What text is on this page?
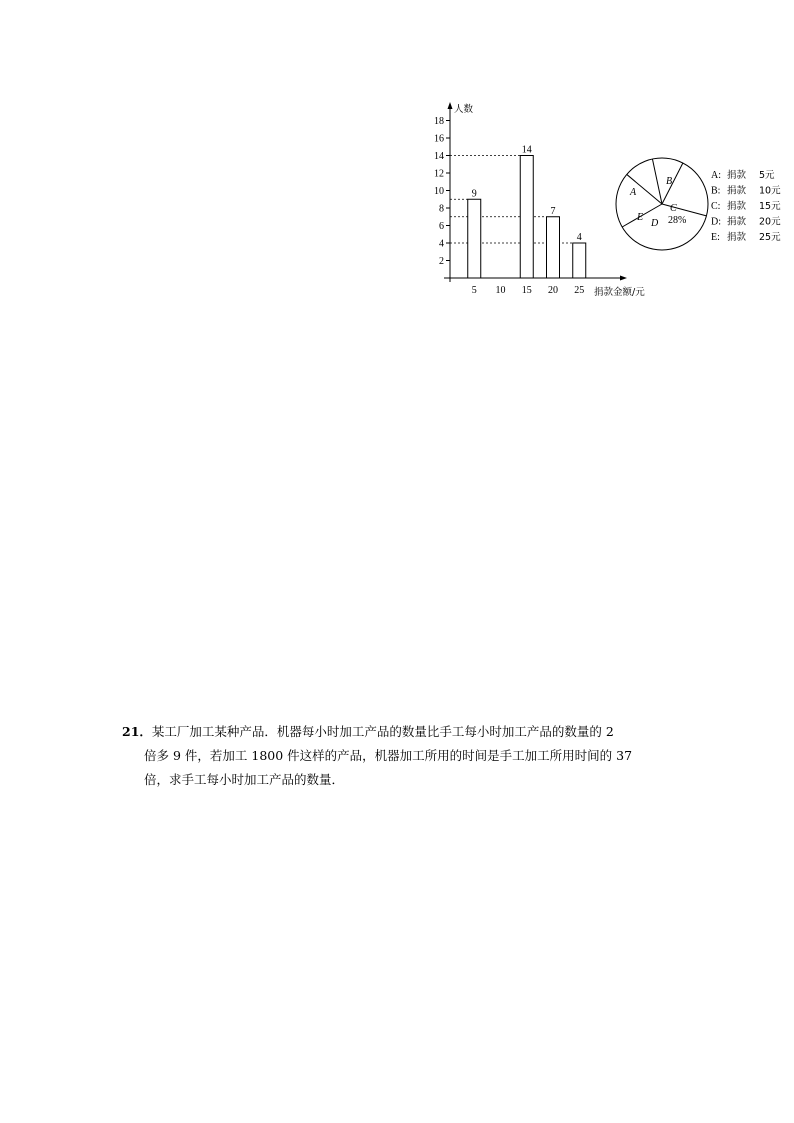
人数
捐款金额/元
2
4
6
8
10
12
14
16
18
5 10 15 20 25
9
14
7
4
A
B
C
28%
D
E
A: 捐款 5元
B: 捐款 10元
C: 捐款 15元
D: 捐款 20元
E: 捐款 25元
21．某工厂加工某种产品．机器每小时加工产品的数量比手工每小时加工产品的数量的 2
倍多 9 件，若加工 1800 件这样的产品，机器加工所用的时间是手工加工所用时间的 37
倍，求手工每小时加工产品的数量．
